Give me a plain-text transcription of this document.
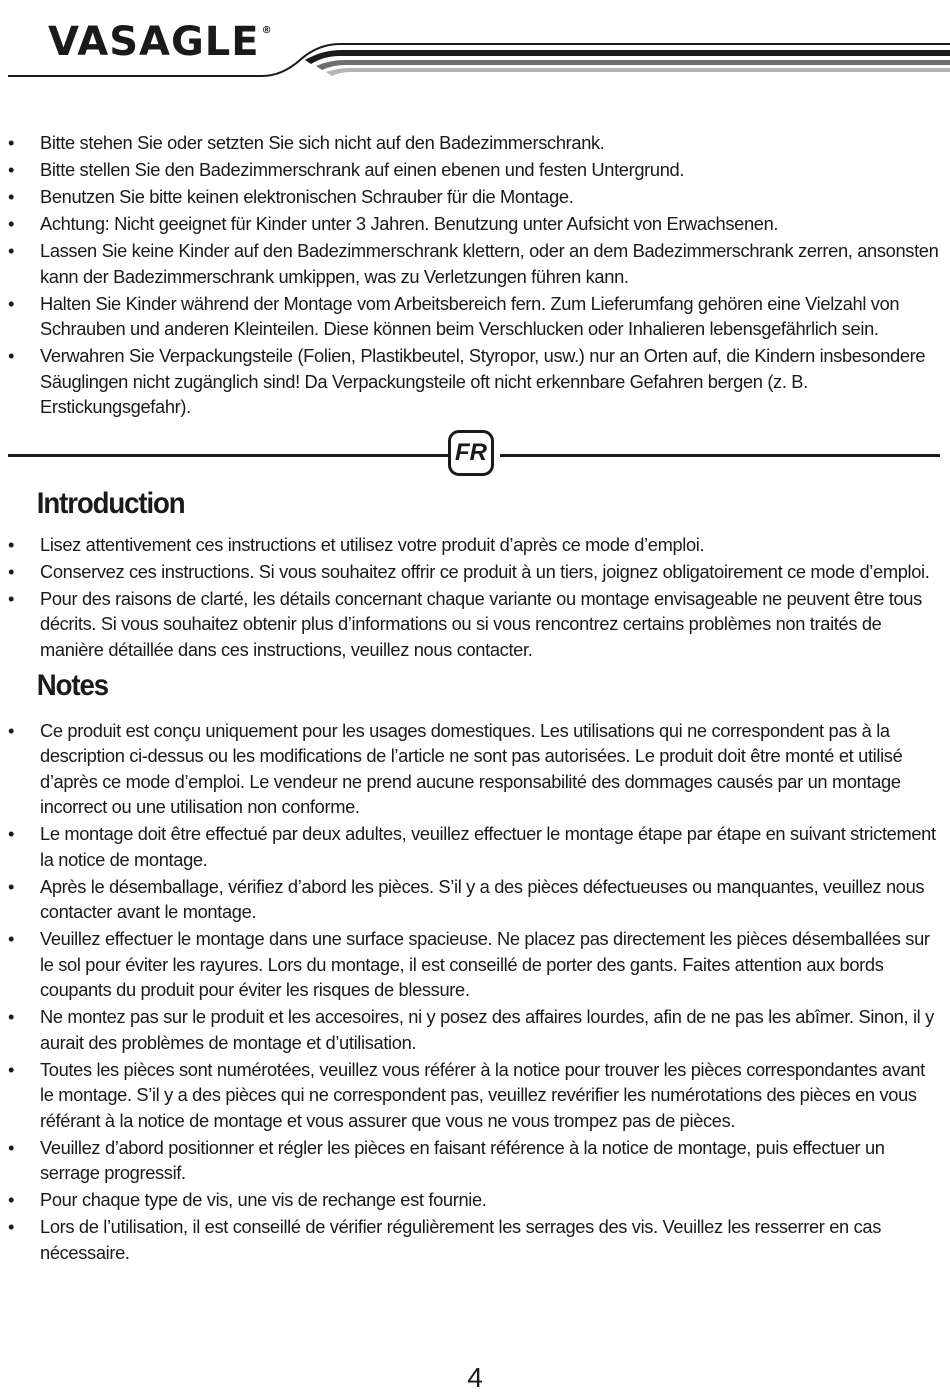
VASAGLE ®
• Bitte stehen Sie oder setzten Sie sich nicht auf den Badezimmerschrank.
• Bitte stellen Sie den Badezimmerschrank auf einen ebenen und festen Untergrund.
• Benutzen Sie bitte keinen elektronischen Schrauber für die Montage.
• Achtung: Nicht geeignet für Kinder unter 3 Jahren. Benutzung unter Aufsicht von Erwachsenen.
• Lassen Sie keine Kinder auf den Badezimmerschrank klettern, oder an dem Badezimmerschrank zerren, ansonsten kann der Badezimmerschrank umkippen, was zu Verletzungen führen kann.
• Halten Sie Kinder während der Montage vom Arbeitsbereich fern. Zum Lieferumfang gehören eine Vielzahl von Schrauben und anderen Kleinteilen. Diese können beim Verschlucken oder Inhalieren lebensgefährlich sein.
• Verwahren Sie Verpackungsteile (Folien, Plastikbeutel, Styropor, usw.) nur an Orten auf, die Kindern insbesondere Säuglingen nicht zugänglich sind! Da Verpackungsteile oft nicht erkennbare Gefahren bergen (z. B. Erstickungsgefahr).
FR
Introduction
• Lisez attentivement ces instructions et utilisez votre produit d’après ce mode d’emploi.
• Conservez ces instructions. Si vous souhaitez offrir ce produit à un tiers, joignez obligatoirement ce mode d’emploi.
• Pour des raisons de clarté, les détails concernant chaque variante ou montage envisageable ne peuvent être tous décrits. Si vous souhaitez obtenir plus d’informations ou si vous rencontrez certains problèmes non traités de manière détaillée dans ces instructions, veuillez nous contacter.
Notes
• Ce produit est conçu uniquement pour les usages domestiques. Les utilisations qui ne correspondent pas à la description ci-dessus ou les modifications de l’article ne sont pas autorisées. Le produit doit être monté et utilisé d’après ce mode d’emploi. Le vendeur ne prend aucune responsabilité des dommages causés par un montage incorrect ou une utilisation non conforme.
• Le montage doit être effectué par deux adultes, veuillez effectuer le montage étape par étape en suivant strictement la notice de montage.
• Après le désemballage, vérifiez d’abord les pièces. S’il y a des pièces défectueuses ou manquantes, veuillez nous contacter avant le montage.
• Veuillez effectuer le montage dans une surface spacieuse. Ne placez pas directement les pièces désemballées sur le sol pour éviter les rayures. Lors du montage, il est conseillé de porter des gants. Faites attention aux bords coupants du produit pour éviter les risques de blessure.
• Ne montez pas sur le produit et les accesoires, ni y posez des affaires lourdes, afin de ne pas les abîmer. Sinon, il y aurait des problèmes de montage et d’utilisation.
• Toutes les pièces sont numérotées, veuillez vous référer à la notice pour trouver les pièces correspondantes avant le montage. S’il y a des pièces qui ne correspondent pas, veuillez revérifier les numérotations des pièces en vous référant à la notice de montage et vous assurer que vous ne vous trompez pas de pièces.
• Veuillez d’abord positionner et régler les pièces en faisant référence à la notice de montage, puis effectuer un serrage progressif.
• Pour chaque type de vis, une vis de rechange est fournie.
• Lors de l’utilisation, il est conseillé de vérifier régulièrement les serrages des vis. Veuillez les resserrer en cas nécessaire.
4
